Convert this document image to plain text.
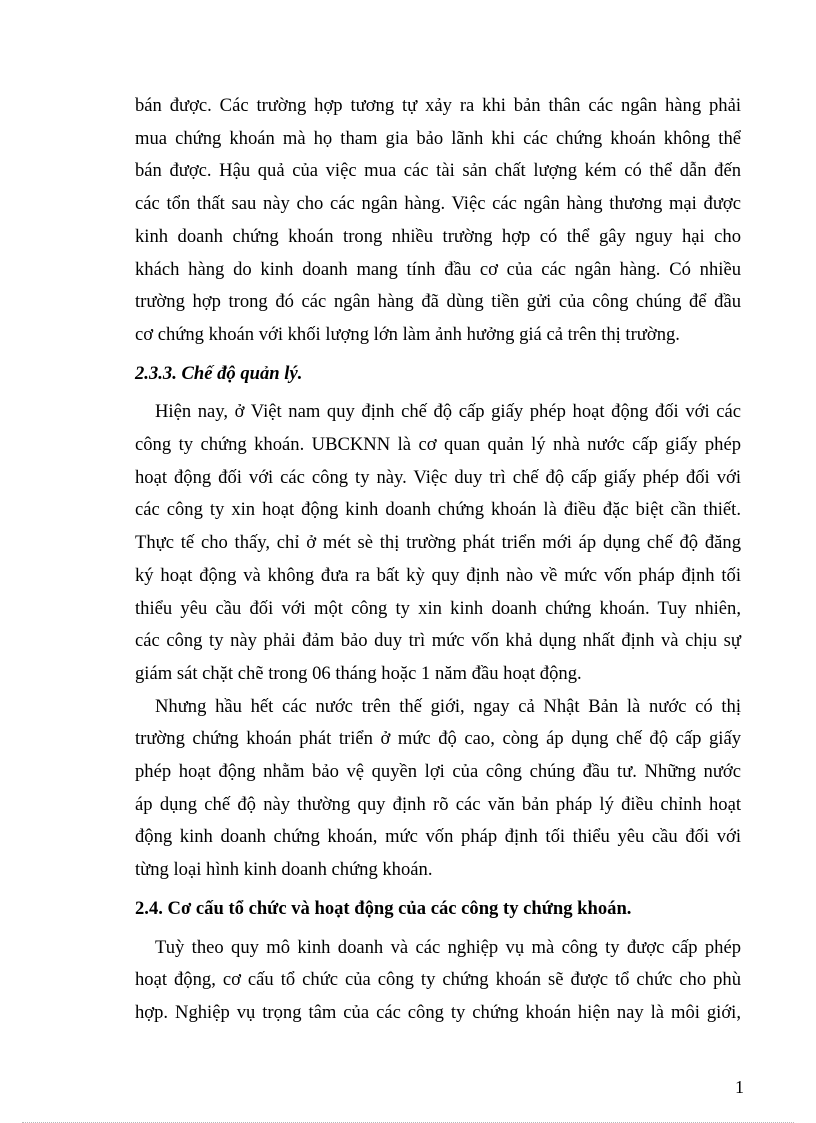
bán được. Các trường hợp tương tự xảy ra khi bản thân các ngân hàng phải
mua chứng khoán mà họ tham gia bảo lãnh khi các chứng khoán không thể
bán được. Hậu quả của việc mua các tài sản chất lượng kém có thể dẫn đến
các tổn thất sau này cho các ngân hàng. Việc các ngân hàng thương mại được
kinh doanh chứng khoán trong nhiều trường hợp có thể gây nguy hại cho
khách hàng do kinh doanh mang tính đầu cơ của các ngân hàng. Có nhiều
trường hợp trong đó các ngân hàng đã dùng tiền gửi của công chúng để đầu
cơ chứng khoán với khối lượng lớn làm ảnh hưởng giá cả trên thị trường.

2.3.3. Chế độ quản lý.

Hiện nay, ở Việt nam quy định chế độ cấp giấy phép hoạt động đối với các
công ty chứng khoán. UBCKNN là cơ quan quản lý nhà nước cấp giấy phép
hoạt động đối với các công ty này. Việc duy trì chế độ cấp giấy phép đối với
các công ty xin hoạt động kinh doanh chứng khoán là điều đặc biệt cần thiết.
Thực tế cho thấy, chỉ ở mét sè thị trường phát triển mới áp dụng chế độ đăng
ký hoạt động và không đưa ra bất kỳ quy định nào về mức vốn pháp định tối
thiểu yêu cầu đối với một công ty xin kinh doanh chứng khoán. Tuy nhiên,
các công ty này phải đảm bảo duy trì mức vốn khả dụng nhất định và chịu sự
giám sát chặt chẽ trong 06 tháng hoặc 1 năm đầu hoạt động.

Nhưng hầu hết các nước trên thế giới, ngay cả Nhật Bản là nước có thị
trường chứng khoán phát triển ở mức độ cao, còng áp dụng chế độ cấp giấy
phép hoạt động nhằm bảo vệ quyền lợi của công chúng đầu tư. Những nước
áp dụng chế độ này thường quy định rõ các văn bản pháp lý điều chỉnh hoạt
động kinh doanh chứng khoán, mức vốn pháp định tối thiểu yêu cầu đối với
từng loại hình kinh doanh chứng khoán.

2.4. Cơ cấu tổ chức và hoạt động của các công ty chứng khoán.

Tuỳ theo quy mô kinh doanh và các nghiệp vụ mà công ty được cấp phép
hoạt động, cơ cấu tổ chức của công ty chứng khoán sẽ được tổ chức cho phù
hợp. Nghiệp vụ trọng tâm của các công ty chứng khoán hiện nay là môi giới,

1
